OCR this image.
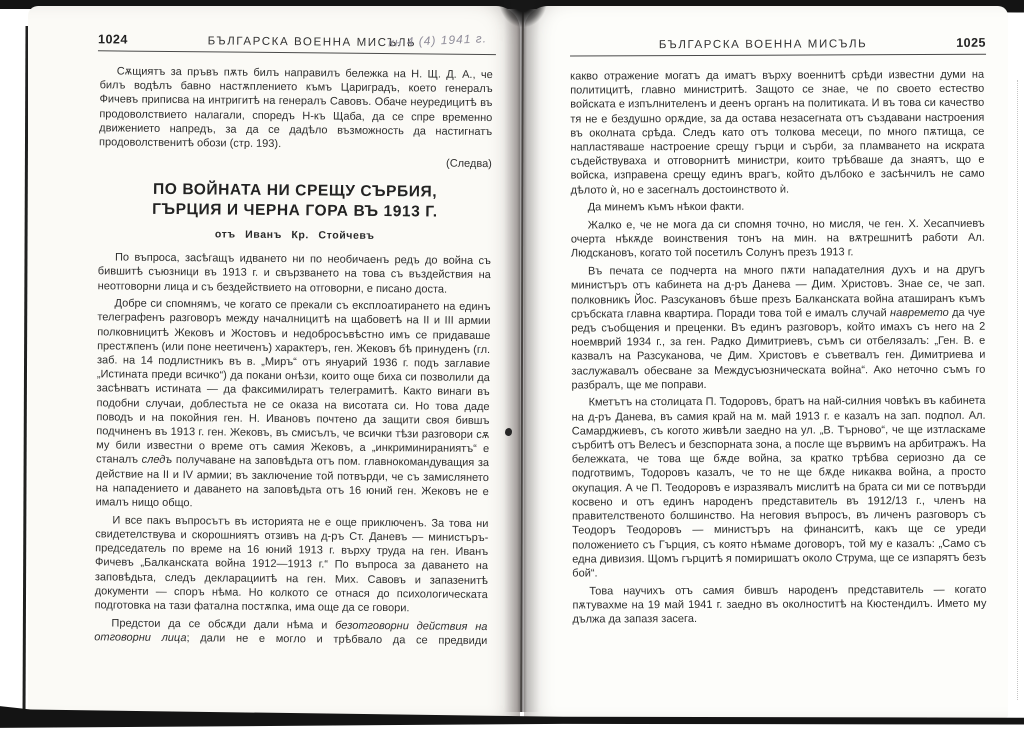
1024	БЪЛГАРСКА ВОЕННА МИСЪЛЬ
кн 4 (4) 1941 г.

Сѫщиятъ за пръвъ пѫть билъ направилъ бележка на Н. Щ. Д. А., че билъ водѣлъ бавно настѫплението къмъ Цариградъ, което генералъ Фичевъ приписва на интригитѣ на генералъ Савовъ. Обаче неуредицитѣ въ продоволствието налагали, споредъ Н-къ Щаба, да се спре временно движението напредъ, за да се дадѣло възможность да настигнатъ продоволственитѣ обози (стр. 193).

(Следва)

ПО ВОЙНАТА НИ СРЕЩУ СЪРБИЯ, ГЪРЦИЯ И ЧЕРНА ГОРА ВЪ 1913 Г.
отъ Иванъ Кр. Стойчевъ

По въпроса, засѣгащъ идването ни по необичаенъ редъ до война съ бившитѣ съюзници въ 1913 г. и свързването на това съ въздействия на неотговорни лица и съ бездействието на отговорни, е писано доста.

Добре си спомнямъ, че когато се прекали съ експлоатирането на единъ телеграфенъ разговоръ между началницитѣ на щабоветѣ на II и III армии полковницитѣ Жековъ и Жостовъ и недобросъвѣстно имъ се придаваше престѫпенъ (или поне неетиченъ) характеръ, ген. Жековъ бѣ принуденъ (гл. заб. на 14 подлистникъ въ в. „Миръ“ отъ януарий 1936 г. подъ заглавие „Истината преди всичко“) да покани онѣзи, които още биха си позволили да засѣнватъ истината — да факсимилиратъ телеграмитѣ. Както винаги въ подобни случаи, доблестьта не се оказа на висотата си. Но това даде поводъ и на покойния ген. Н. Ивановъ почтено да защити своя бившъ подчиненъ въ 1913 г. ген. Жековъ, въ смисълъ, че всички тѣзи разговори сѫ му били известни о време отъ самия Жековъ, а „инкриминираниятъ“ е станалъ следъ получаване на заповѣдьта отъ пом. главнокомандуващия за действие на II и IV армии; въ заключение той потвърди, че съ замислянето на нападението и даването на заповѣдьта отъ 16 юний ген. Жековъ не е ималъ нищо общо.

И все пакъ въпросътъ въ историята не е още приключенъ. За това ни свидетелствува и скорошниятъ отзивъ на д-ръ Ст. Даневъ — министъръ-председатель по време на 16 юний 1913 г. върху труда на ген. Иванъ Фичевъ „Балканската война 1912—1913 г.“ По въпроса за даването на заповѣдьта, следъ декларациитѣ на ген. Мих. Савовъ и запазенитѣ документи — споръ нѣма. Но колкото се отнася до психологическата подготовка на тази фатална постѫпка, има още да се говори.

Предстои да се обсѫди дали нѣма и безотговорни действия на отговорни лица; дали не е могло и трѣбвало да се предвиди

БЪЛГАРСКА ВОЕННА МИСЪЛЬ	1025

какво отражение могатъ да иматъ върху военнитѣ срѣди известни думи на политицитѣ, главно министритѣ. Защото се знае, че по своето естество войската е изпълнителенъ и деенъ органъ на политиката. И въ това си качество тя не е бездушно орѫдие, за да остава незасегната отъ създавани настроения въ околната срѣда. Следъ като отъ толкова месеци, по много пѫтища, се напластяваше настроение срещу гърци и сърби, за пламването на искрата съдействуваха и отговорнитѣ министри, които трѣбваше да знаятъ, що е войска, изправена срещу единъ врагъ, който дълбоко е засѣнчилъ не само дѣлото ѝ, но е засегналъ достоинството ѝ.

Да минемъ къмъ нѣкои факти.

Жалко е, че не мога да си спомня точно, но мисля, че ген. Х. Хесапчиевъ очерта нѣкѫде воинствения тонъ на мин. на вѫтрешнитѣ работи Ал. Людскановъ, когато той посетилъ Солунъ презъ 1913 г.

Въ печата се подчерта на много пѫти нападателния духъ и на другъ министъръ отъ кабинета на д-ръ Данева — Дим. Христовъ. Знае се, че зап. полковникъ Йос. Разсукановъ бѣше презъ Балканската война аташиранъ къмъ сръбската главна квартира. Поради това той е ималъ случай навремето да чуе редъ съобщения и преценки. Въ единъ разговоръ, който имахъ съ него на 2 ноемврий 1934 г., за ген. Радко Димитриевъ, съмъ си отбелязалъ: „Ген. В. е казвалъ на Разсуканова, че Дим. Христовъ е съветвалъ ген. Димитриева и заслужавалъ обесване за Междусъюзническата война“. Ако неточно съмъ го разбралъ, ще ме поправи.

Кметътъ на столицата П. Тодоровъ, братъ на най-силния човѣкъ въ кабинета на д-ръ Данева, въ самия край на м. май 1913 г. е казалъ на зап. подпол. Ал. Самарджиевъ, съ когото живѣли заедно на ул. „В. Търново“, че ще изтласкаме сърбитѣ отъ Велесъ и безспорната зона, а после ще вървимъ на арбитражъ. На бележката, че това ще бѫде война, за кратко трѣбва сериозно да се подготвимъ, Тодоровъ казалъ, че то не ще бѫде никаква война, а просто окупация. А че П. Теодоровъ е изразявалъ мислитѣ на брата си ми се потвърди косвено и отъ единъ народенъ представитель въ 1912/13 г., членъ на правителственото болшинство. На неговия въпросъ, въ личенъ разговоръ съ Теодоръ Теодоровъ — министъръ на финанситѣ, какъ ще се уреди положението съ Гърция, съ която нѣмаме договоръ, той му е казалъ: „Само съ една дивизия. Щомъ гърцитѣ я помиришатъ около Струма, ще се изпарятъ безъ бой“.

Това научихъ отъ самия бившъ народенъ представитель — когато пѫтувахме на 19 май 1941 г. заедно въ околноститѣ на Кюстендилъ. Името му дължа да запазя засега.
